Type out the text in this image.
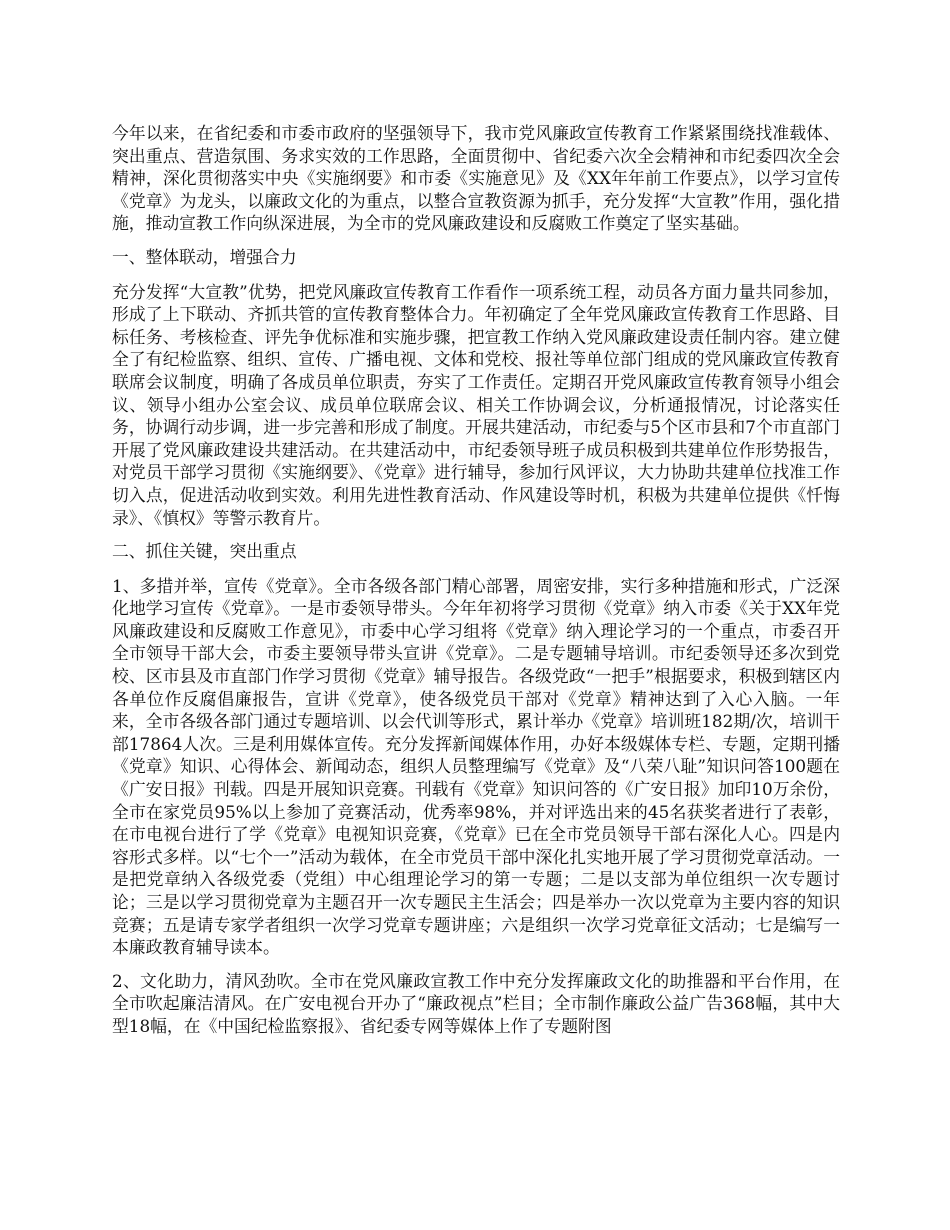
今年以来，在省纪委和市委市政府的坚强领导下，我市党风廉政宣传教育工作紧紧围绕找准载体、突出重点、营造氛围、务求实效的工作思路，全面贯彻中、省纪委六次全会精神和市纪委四次全会精神，深化贯彻落实中央《实施纲要》和市委《实施意见》及《XX年年前工作要点》，以学习宣传《党章》为龙头，以廉政文化的为重点，以整合宣教资源为抓手，充分发挥“大宣教”作用，强化措施，推动宣教工作向纵深进展，为全市的党风廉政建设和反腐败工作奠定了坚实基础。

一、整体联动，增强合力

充分发挥“大宣教”优势，把党风廉政宣传教育工作看作一项系统工程，动员各方面力量共同参加，形成了上下联动、齐抓共管的宣传教育整体合力。年初确定了全年党风廉政宣传教育工作思路、目标任务、考核检查、评先争优标准和实施步骤，把宣教工作纳入党风廉政建设责任制内容。建立健全了有纪检监察、组织、宣传、广播电视、文体和党校、报社等单位部门组成的党风廉政宣传教育联席会议制度，明确了各成员单位职责，夯实了工作责任。定期召开党风廉政宣传教育领导小组会议、领导小组办公室会议、成员单位联席会议、相关工作协调会议，分析通报情况，讨论落实任务，协调行动步调，进一步完善和形成了制度。开展共建活动，市纪委与5个区市县和7个市直部门开展了党风廉政建设共建活动。在共建活动中，市纪委领导班子成员积极到共建单位作形势报告，对党员干部学习贯彻《实施纲要》、《党章》进行辅导，参加行风评议，大力协助共建单位找准工作切入点，促进活动收到实效。利用先进性教育活动、作风建设等时机，积极为共建单位提供《忏悔录》、《慎权》等警示教育片。

二、抓住关键，突出重点

1、多措并举，宣传《党章》。全市各级各部门精心部署，周密安排，实行多种措施和形式，广泛深化地学习宣传《党章》。一是市委领导带头。今年年初将学习贯彻《党章》纳入市委《关于XX年党风廉政建设和反腐败工作意见》，市委中心学习组将《党章》纳入理论学习的一个重点，市委召开全市领导干部大会，市委主要领导带头宣讲《党章》。二是专题辅导培训。市纪委领导还多次到党校、区市县及市直部门作学习贯彻《党章》辅导报告。各级党政“一把手”根据要求，积极到辖区内各单位作反腐倡廉报告，宣讲《党章》，使各级党员干部对《党章》精神达到了入心入脑。一年来，全市各级各部门通过专题培训、以会代训等形式，累计举办《党章》培训班182期/次，培训干部17864人次。三是利用媒体宣传。充分发挥新闻媒体作用，办好本级媒体专栏、专题，定期刊播《党章》知识、心得体会、新闻动态，组织人员整理编写《党章》及“八荣八耻”知识问答100题在《广安日报》刊载。四是开展知识竞赛。刊载有《党章》知识问答的《广安日报》加印10万余份，全市在家党员95%以上参加了竞赛活动，优秀率98%，并对评选出来的45名获奖者进行了表彰，在市电视台进行了学《党章》电视知识竞赛，《党章》已在全市党员领导干部右深化人心。四是内容形式多样。以“七个一”活动为载体，在全市党员干部中深化扎实地开展了学习贯彻党章活动。一是把党章纳入各级党委（党组）中心组理论学习的第一专题；二是以支部为单位组织一次专题讨论；三是以学习贯彻党章为主题召开一次专题民主生活会；四是举办一次以党章为主要内容的知识竞赛；五是请专家学者组织一次学习党章专题讲座；六是组织一次学习党章征文活动；七是编写一本廉政教育辅导读本。

2、文化助力，清风劲吹。全市在党风廉政宣教工作中充分发挥廉政文化的助推器和平台作用，在全市吹起廉洁清风。在广安电视台开办了“廉政视点”栏目；全市制作廉政公益广告368幅，其中大型18幅，在《中国纪检监察报》、省纪委专网等媒体上作了专题附图
